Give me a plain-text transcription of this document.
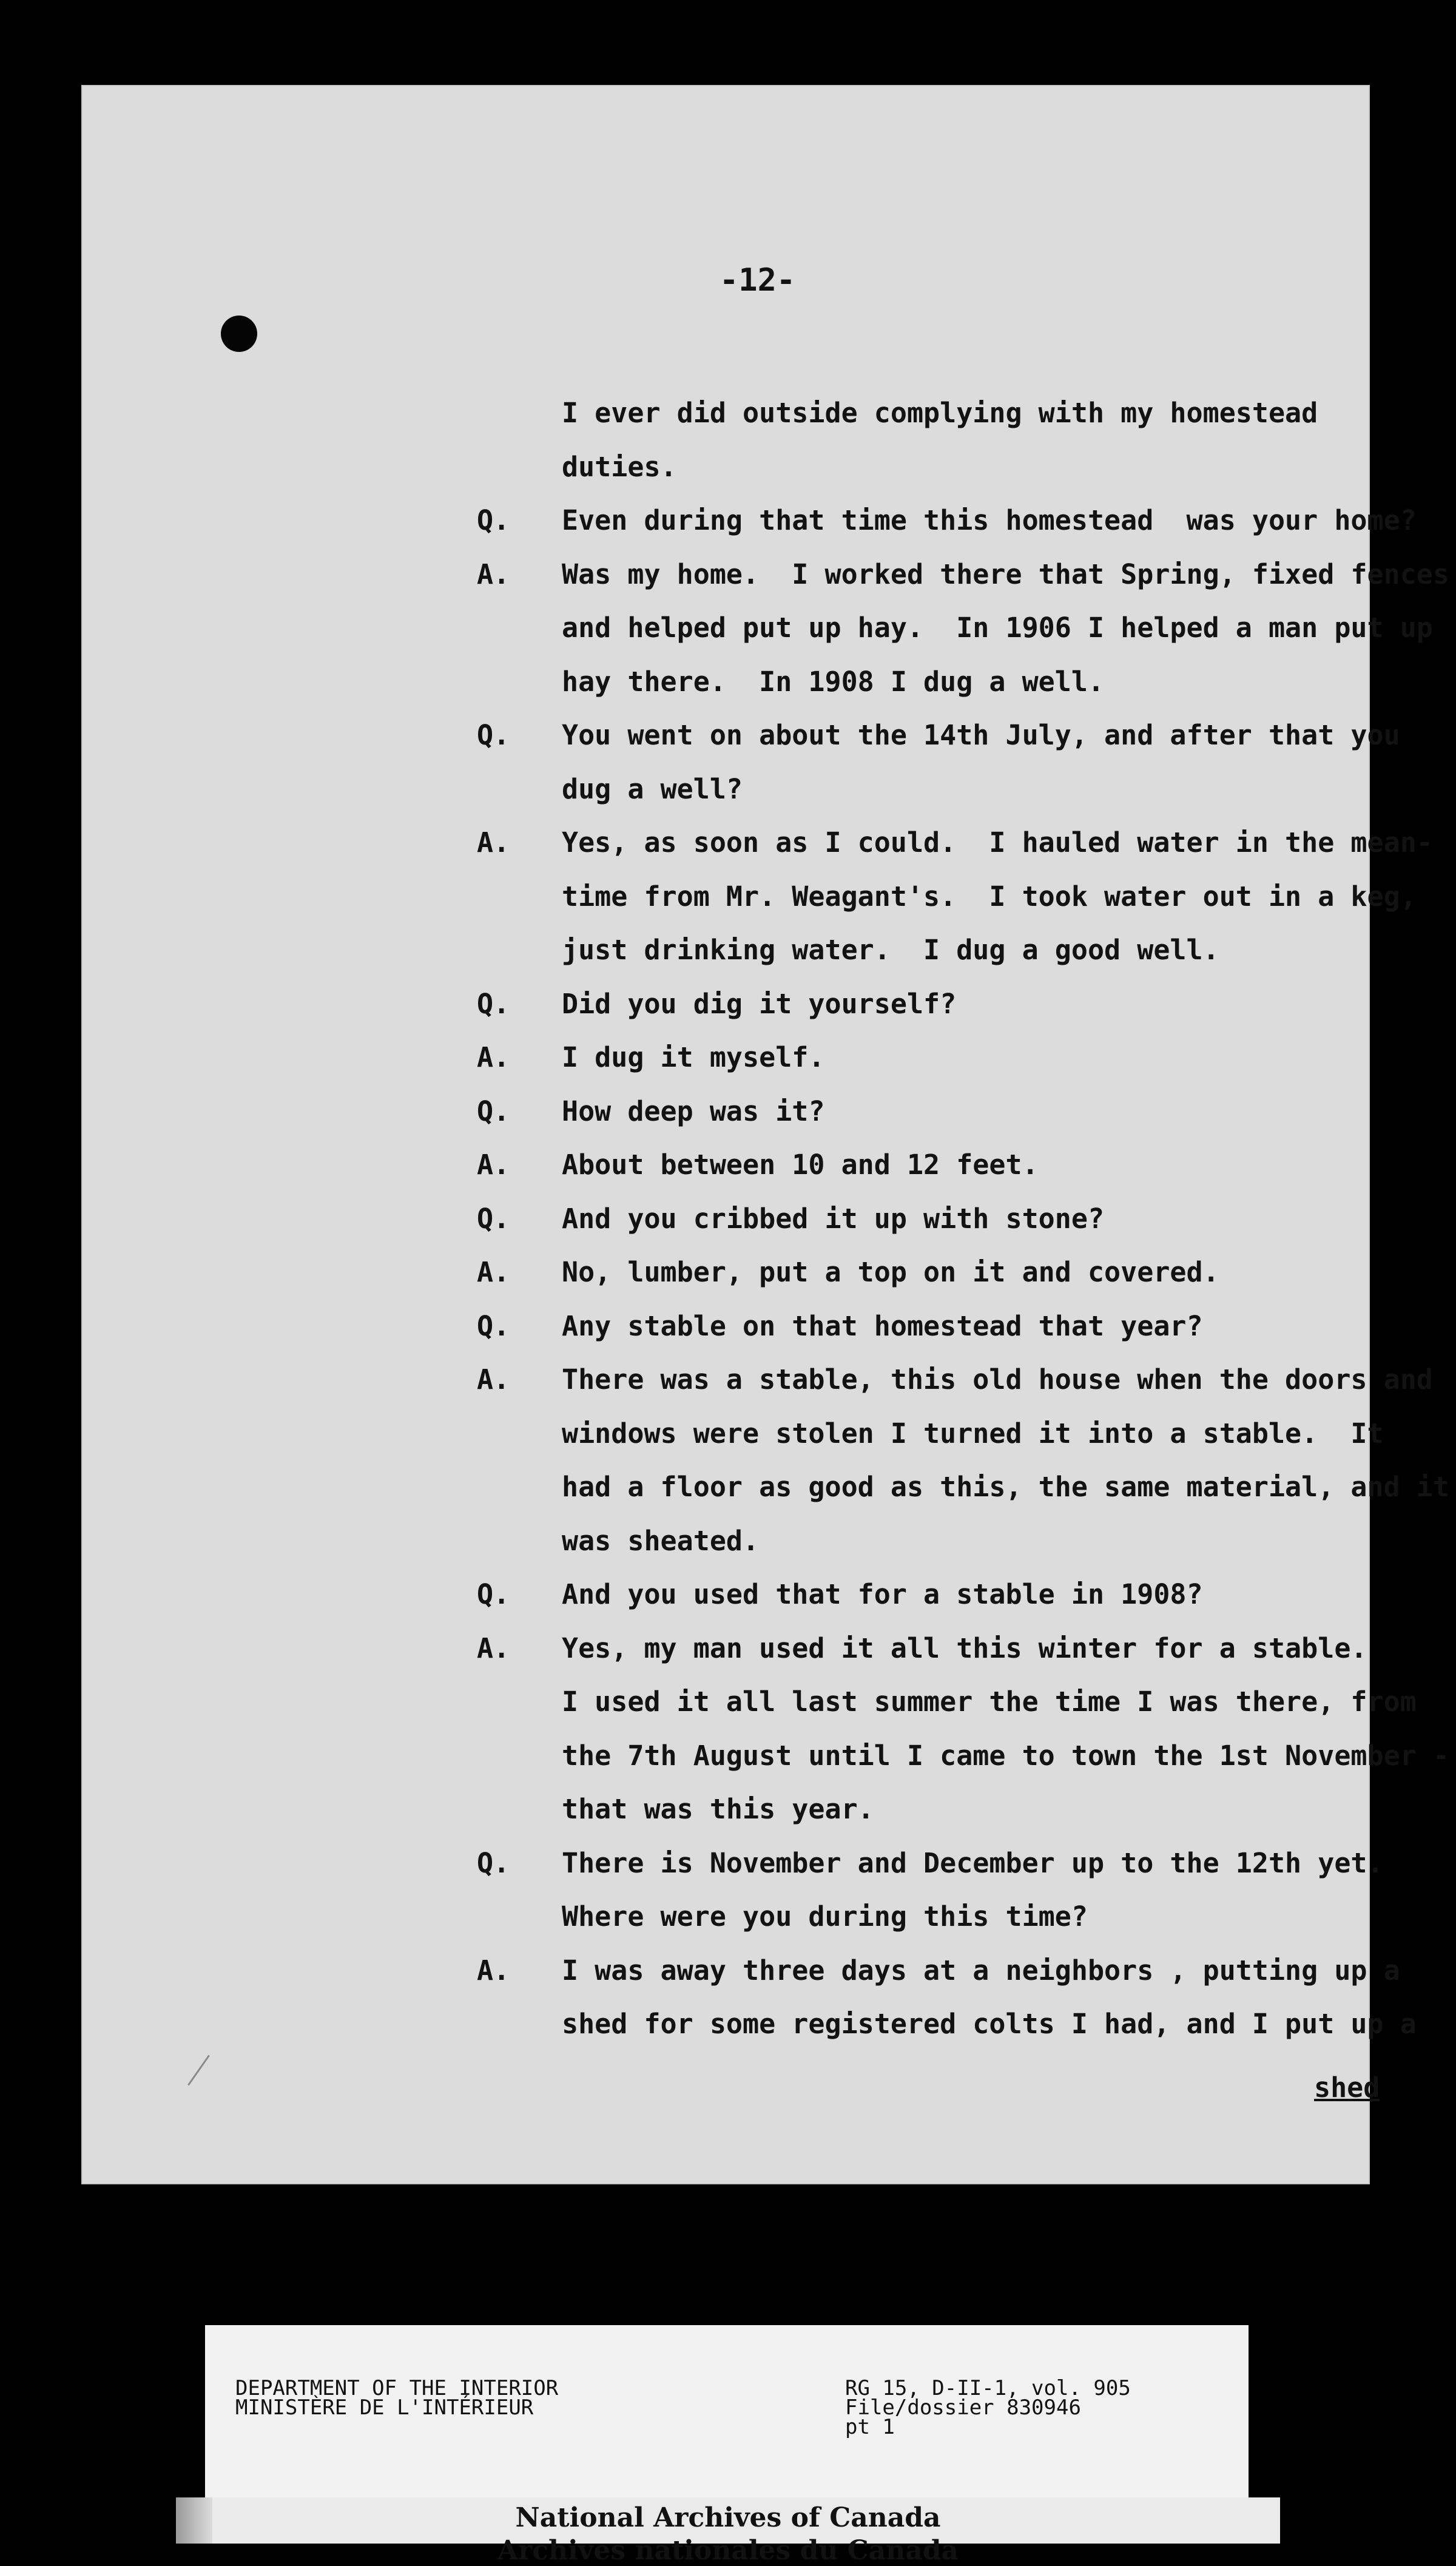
-12-
I ever did outside complying with my homestead
duties.
Q. Even during that time this homestead  was your home?
A. Was my home.  I worked there that Spring, fixed fences
and helped put up hay.  In 1906 I helped a man put up
hay there.  In 1908 I dug a well.
Q. You went on about the 14th July, and after that you
dug a well?
A. Yes, as soon as I could.  I hauled water in the mean-
time from Mr. Weagant's.  I took water out in a keg,
just drinking water.  I dug a good well.
Q. Did you dig it yourself?
A. I dug it myself.
Q. How deep was it?
A. About between 10 and 12 feet.
Q. And you cribbed it up with stone?
A. No, lumber, put a top on it and covered.
Q. Any stable on that homestead that year?
A. There was a stable, this old house when the doors and
windows were stolen I turned it into a stable.  It
had a floor as good as this, the same material, and it
was sheated.
Q. And you used that for a stable in 1908?
A. Yes, my man used it all this winter for a stable.
I used it all last summer the time I was there, from
the 7th August until I came to town the 1st November -
that was this year.
Q. There is November and December up to the 12th yet.
Where were you during this time?
A. I was away three days at a neighbors , putting up a
shed for some registered colts I had, and I put up a
shed
DEPARTMENT OF THE INTERIOR
MINISTÈRE DE L'INTÉRIEUR
RG 15, D-II-1, vol. 905
File/dossier 830946
pt 1
National Archives of Canada
Archives nationales du Canada
